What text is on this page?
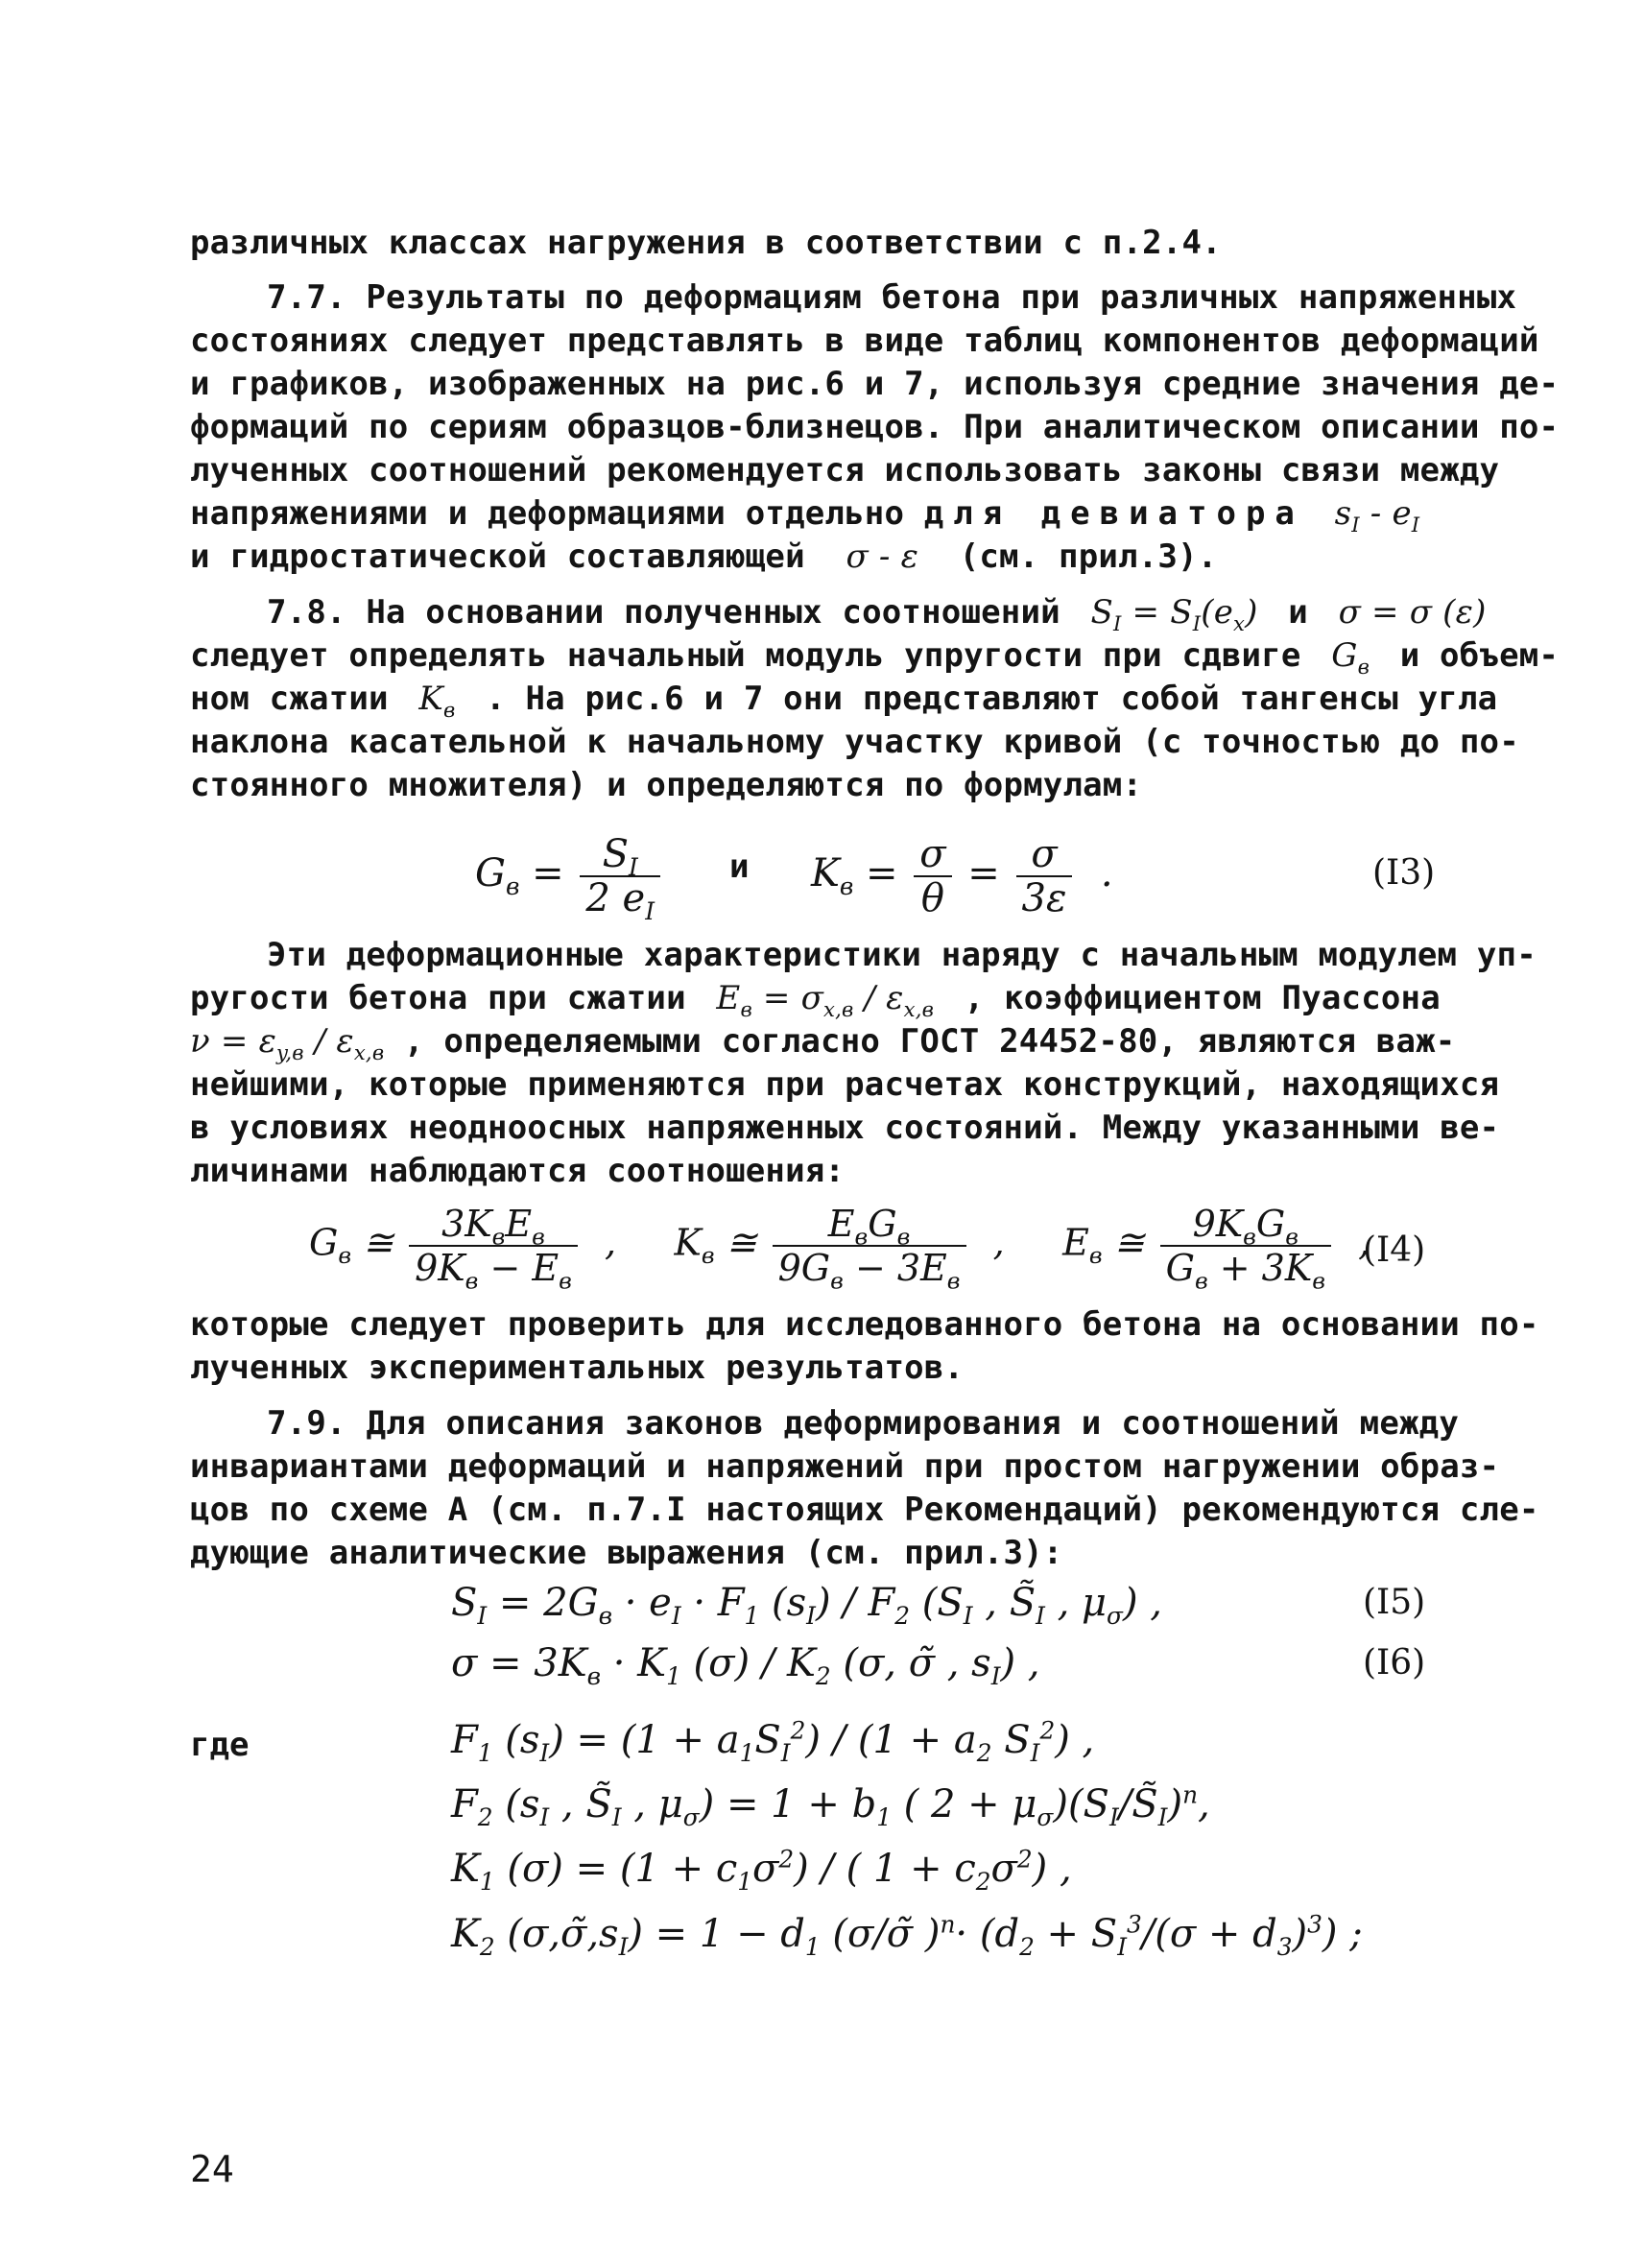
различных классах нагружения в соответствии с п.2.4.
7.7. Результаты по деформациям бетона при различных напряженных
состояниях следует представлять в виде таблиц компонентов деформаций
и графиков, изображенных на рис.6 и 7, используя средние значения де-
формаций по сериям образцов-близнецов. При аналитическом описании по-
лученных соотношений рекомендуется использовать законы связи между
напряжениями и деформациями отдельно для девиатора  $s_I - e_I$
и гидростатической составляющей   σ - ε   (см. прил.3).
7.8. На основании полученных соотношений  $S_I = S_I(e_x)$  и  σ = σ (ε)
следует определять начальный модуль упругости при сдвиге  $G_в$ и объем-
ном сжатии  $K_в$ . На рис.6 и 7 они представляют собой тангенсы угла
наклона касательной к начальному участку кривой (с точностью до по-
стоянного множителя) и определяются по формулам:
$G_в = \frac{S_I}{2 e_I}$ и $K_в = \frac{\sigma}{\theta} = \frac{\sigma}{3\varepsilon}$ .	(I3)
Эти деформационные характеристики наряду с начальным модулем уп-
ругости бетона при сжатии  $E_в = \sigma_{x,в} / \varepsilon_{x,в}$ , коэффициентом Пуассона
$\nu = \varepsilon_{y,в} / \varepsilon_{x,в}$ , определяемыми согласно ГОСТ 24452-80, являются важ-
нейшими, которые применяются при расчетах конструкций, находящихся
в условиях неодноосных напряженных состояний. Между указанными ве-
личинами наблюдаются соотношения:
$G_в$ ≅ $\frac{3K_вE_в}{9K_в - E_в}$ ,     $K_в$ ≅ $\frac{E_вG_в}{9G_в - 3E_в}$ ,     $E_в$ ≅ $\frac{9K_вG_в}{G_в + 3K_в}$ ,
(I4)
которые следует проверить для исследованного бетона на основании по-
лученных экспериментальных результатов.
7.9. Для описания законов деформирования и соотношений между
инвариантами деформаций и напряжений при простом нагружении образ-
цов по схеме А (см. п.7.I настоящих Рекомендаций) рекомендуются сле-
дующие аналитические выражения (см. прил.3):
$S_I = 2G_в \cdot e_I \cdot F_1$ $(s_I) / F_2$ ($S_I$ , $S̃_I$ , $\mu_\sigma$) ,	(I5)
$\sigma = 3K_в \cdot K_1$ $(\sigma) / K_2$ (σ, σ̃ , $s_I$) ,	(I6)
где	$F_1$ $(s_I) = (1 + a_1S_I^2) / (1 + a_2$ $S_I^2$) ,
$F_2$ ($s_I$ , $S̃_I$ , $\mu_\sigma) = 1 + b_1$ ( $2 + \mu_\sigma)(S_I/S̃_I)^n$,
$K_1$ $(\sigma) = (1 + c_1\sigma^2)$ / ( $1 + c_2\sigma^2$) ,
$K_2$ $(\sigma,\sigmã,s_I) = 1 - d_1$ (σ/σ̃ )$^n\cdot (d_2 + S_I^3/(\sigma + d_3)^3)$ ;
24
